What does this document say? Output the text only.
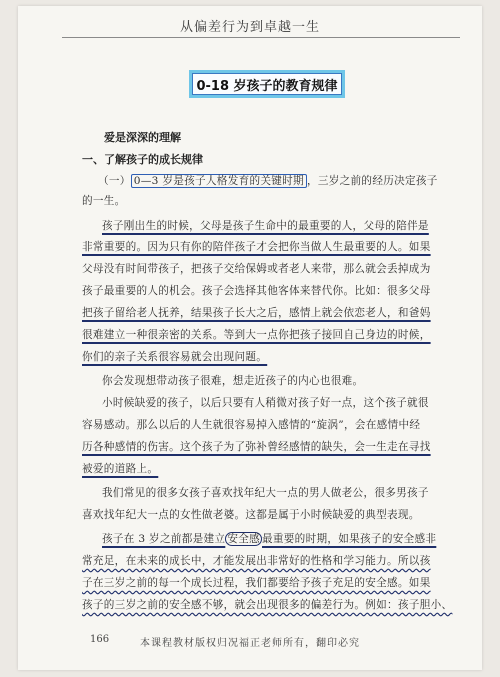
从偏差行为到卓越一生
0-18 岁孩子的教育规律
爱是深深的理解
一、了解孩子的成长规律
（一） 0—3 岁是孩子人格发育的关键时期 ，三岁之前的经历决定孩子
的一生。
孩子刚出生的时候，父母是孩子生命中的最重要的人，父母的陪伴是
非常重要的。因为只有你的陪伴孩子才会把你当做人生最重要的人。如果
父母没有时间带孩子，把孩子交给保姆或者老人来带，那么就会丢掉成为
孩子最重要的人的机会。孩子会选择其他客体来替代你。比如：很多父母
把孩子留给老人抚养，结果孩子长大之后，感情上就会依恋老人，和爸妈
很难建立一种很亲密的关系。等到大一点你把孩子接回自己身边的时候，
你们的亲子关系很容易就会出现问题。
你会发现想带动孩子很难，想走近孩子的内心也很难。
小时候缺爱的孩子，以后只要有人稍微对孩子好一点，这个孩子就很
容易感动。那么以后的人生就很容易掉入感情的“旋涡”，会在感情中经
历各种感情的伤害。这个孩子为了弥补曾经感情的缺失，会一生走在寻找
被爱的道路上。
我们常见的很多女孩子喜欢找年纪大一点的男人做老公，很多男孩子
喜欢找年纪大一点的女性做老婆。这都是属于小时候缺爱的典型表现。
孩子在 3 岁之前都是建立 安全感 最重要的时期，如果孩子的安全感非
常充足，在未来的成长中，才能发展出非常好的性格和学习能力。所以孩
子在三岁之前的每一个成长过程，我们都要给予孩子充足的安全感。如果
孩子的三岁之前的安全感不够，就会出现很多的偏差行为。例如：孩子胆小、
166	本课程教材版权归况福正老师所有，翻印必究
